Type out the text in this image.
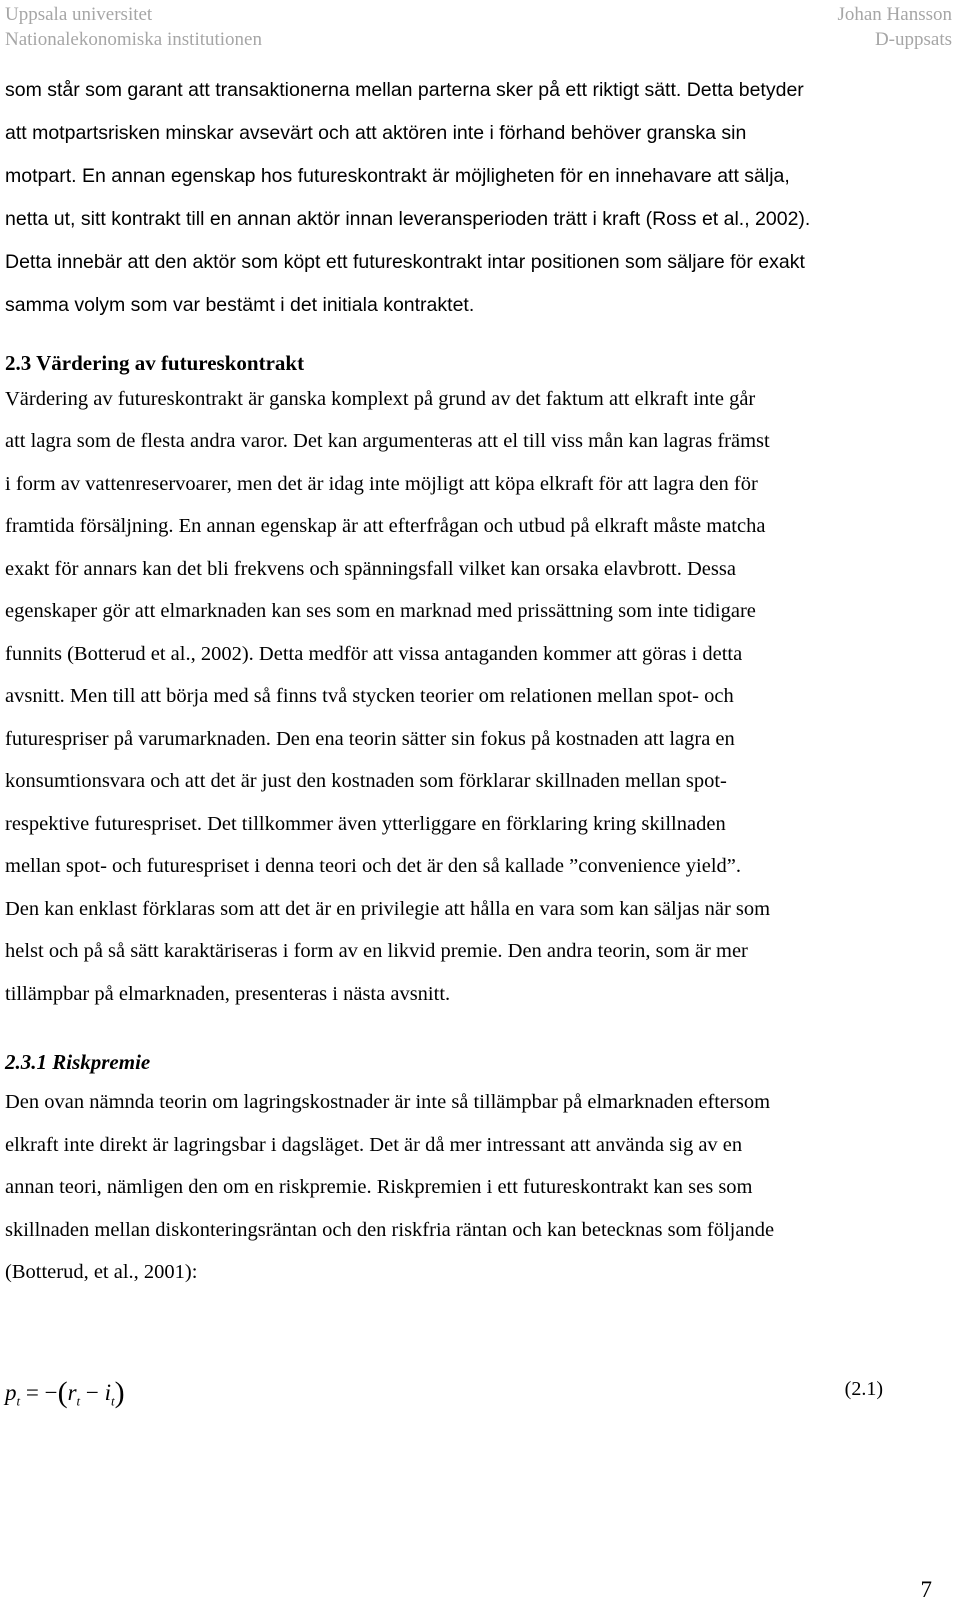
Uppsala universitet
Nationalekonomiska institutionen
Johan Hansson
D-uppsats
som står som garant att transaktionerna mellan parterna sker på ett riktigt sätt. Detta betyder
att motpartsrisken minskar avsevärt och att aktören inte i förhand behöver granska sin
motpart. En annan egenskap hos futureskontrakt är möjligheten för en innehavare att sälja,
netta ut, sitt kontrakt till en annan aktör innan leveransperioden trätt i kraft (Ross et al., 2002).
Detta innebär att den aktör som köpt ett futureskontrakt intar positionen som säljare för exakt
samma volym som var bestämt i det initiala kontraktet.
2.3 Värdering av futureskontrakt
Värdering av futureskontrakt är ganska komplext på grund av det faktum att elkraft inte går
att lagra som de flesta andra varor. Det kan argumenteras att el till viss mån kan lagras främst
i form av vattenreservoarer, men det är idag inte möjligt att köpa elkraft för att lagra den för
framtida försäljning. En annan egenskap är att efterfrågan och utbud på elkraft måste matcha
exakt för annars kan det bli frekvens och spänningsfall vilket kan orsaka elavbrott. Dessa
egenskaper gör att elmarknaden kan ses som en marknad med prissättning som inte tidigare
funnits (Botterud et al., 2002). Detta medför att vissa antaganden kommer att göras i detta
avsnitt. Men till att börja med så finns två stycken teorier om relationen mellan spot- och
futurespriser på varumarknaden. Den ena teorin sätter sin fokus på kostnaden att lagra en
konsumtionsvara och att det är just den kostnaden som förklarar skillnaden mellan spot-
respektive futurespriset. Det tillkommer även ytterliggare en förklaring kring skillnaden
mellan spot- och futurespriset i denna teori och det är den så kallade ”convenience yield”.
Den kan enklast förklaras som att det är en privilegie att hålla en vara som kan säljas när som
helst och på så sätt karaktäriseras i form av en likvid premie. Den andra teorin, som är mer
tillämpbar på elmarknaden, presenteras i nästa avsnitt.
2.3.1 Riskpremie
Den ovan nämnda teorin om lagringskostnader är inte så tillämpbar på elmarknaden eftersom
elkraft inte direkt är lagringsbar i dagsläget. Det är då mer intressant att använda sig av en
annan teori, nämligen den om en riskpremie. Riskpremien i ett futureskontrakt kan ses som
skillnaden mellan diskonteringsräntan och den riskfria räntan och kan betecknas som följande
(Botterud, et al., 2001):
$p_t = -(r_t - i_t)$	(2.1)
7
